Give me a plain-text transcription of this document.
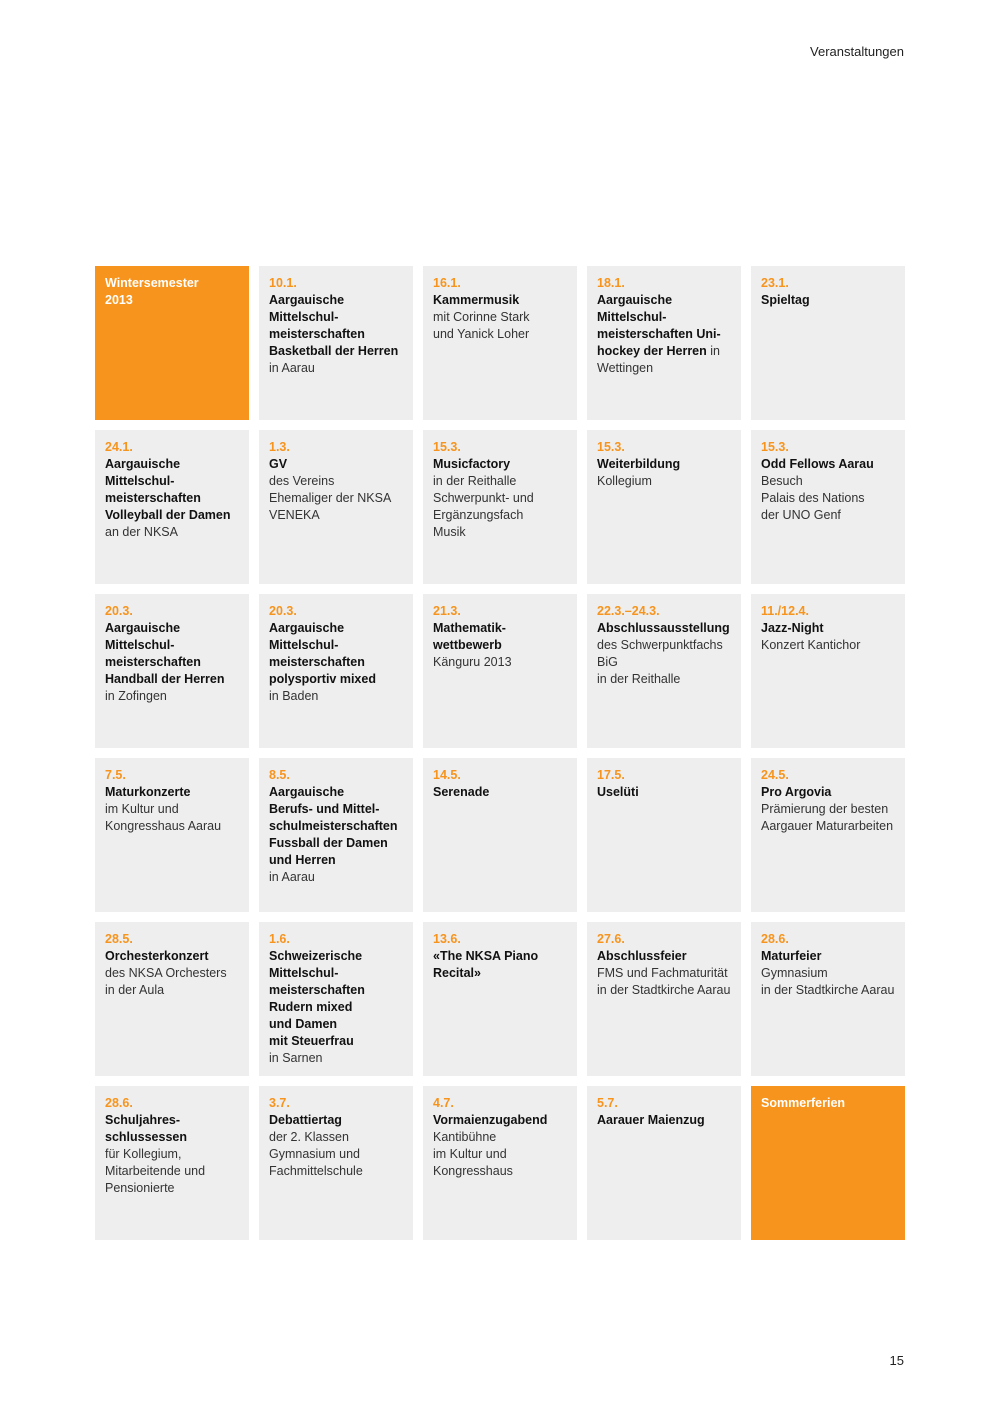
Veranstaltungen
Wintersemester
2013
10.1.
Aargauische
Mittelschul-
meisterschaften
Basketball der Herren
in Aarau
16.1.
Kammermusik
mit Corinne Stark
und Yanick Loher
18.1.
Aargauische
Mittelschul-
meisterschaften Uni-
hockey der Herren in
Wettingen
23.1.
Spieltag
24.1.
Aargauische
Mittelschul-
meisterschaften
Volleyball der Damen
an der NKSA
1.3.
GV
des Vereins
Ehemaliger der NKSA
VENEKA
15.3.
Musicfactory
in der Reithalle
Schwerpunkt- und
Ergänzungsfach
Musik
15.3.
Weiterbildung
Kollegium
15.3.
Odd Fellows Aarau
Besuch
Palais des Nations
der UNO Genf
20.3.
Aargauische
Mittelschul-
meisterschaften
Handball der Herren
in Zofingen
20.3.
Aargauische
Mittelschul-
meisterschaften
polysportiv mixed
in Baden
21.3.
Mathematik-
wettbewerb
Känguru 2013
22.3.–24.3.
Abschlussausstellung
des Schwerpunktfachs
BiG
in der Reithalle
11./12.4.
Jazz-Night
Konzert Kantichor
7.5.
Maturkonzerte
im Kultur und
Kongresshaus Aarau
8.5.
Aargauische
Berufs- und Mittel-
schulmeisterschaften
Fussball der Damen
und Herren
in Aarau
14.5.
Serenade
17.5.
Uselüti
24.5.
Pro Argovia
Prämierung der besten
Aargauer Maturarbeiten
28.5.
Orchesterkonzert
des NKSA Orchesters
in der Aula
1.6.
Schweizerische
Mittelschul-
meisterschaften
Rudern mixed
und Damen
mit Steuerfrau
in Sarnen
13.6.
«The NKSA Piano
Recital»
27.6.
Abschlussfeier
FMS und Fachmaturität
in der Stadtkirche Aarau
28.6.
Maturfeier
Gymnasium
in der Stadtkirche Aarau
28.6.
Schuljahres-
schlussessen
für Kollegium,
Mitarbeitende und
Pensionierte
3.7.
Debattiertag
der 2. Klassen
Gymnasium und
Fachmittelschule
4.7.
Vormaienzugabend
Kantibühne
im Kultur und
Kongresshaus
5.7.
Aarauer Maienzug
Sommerferien
15
